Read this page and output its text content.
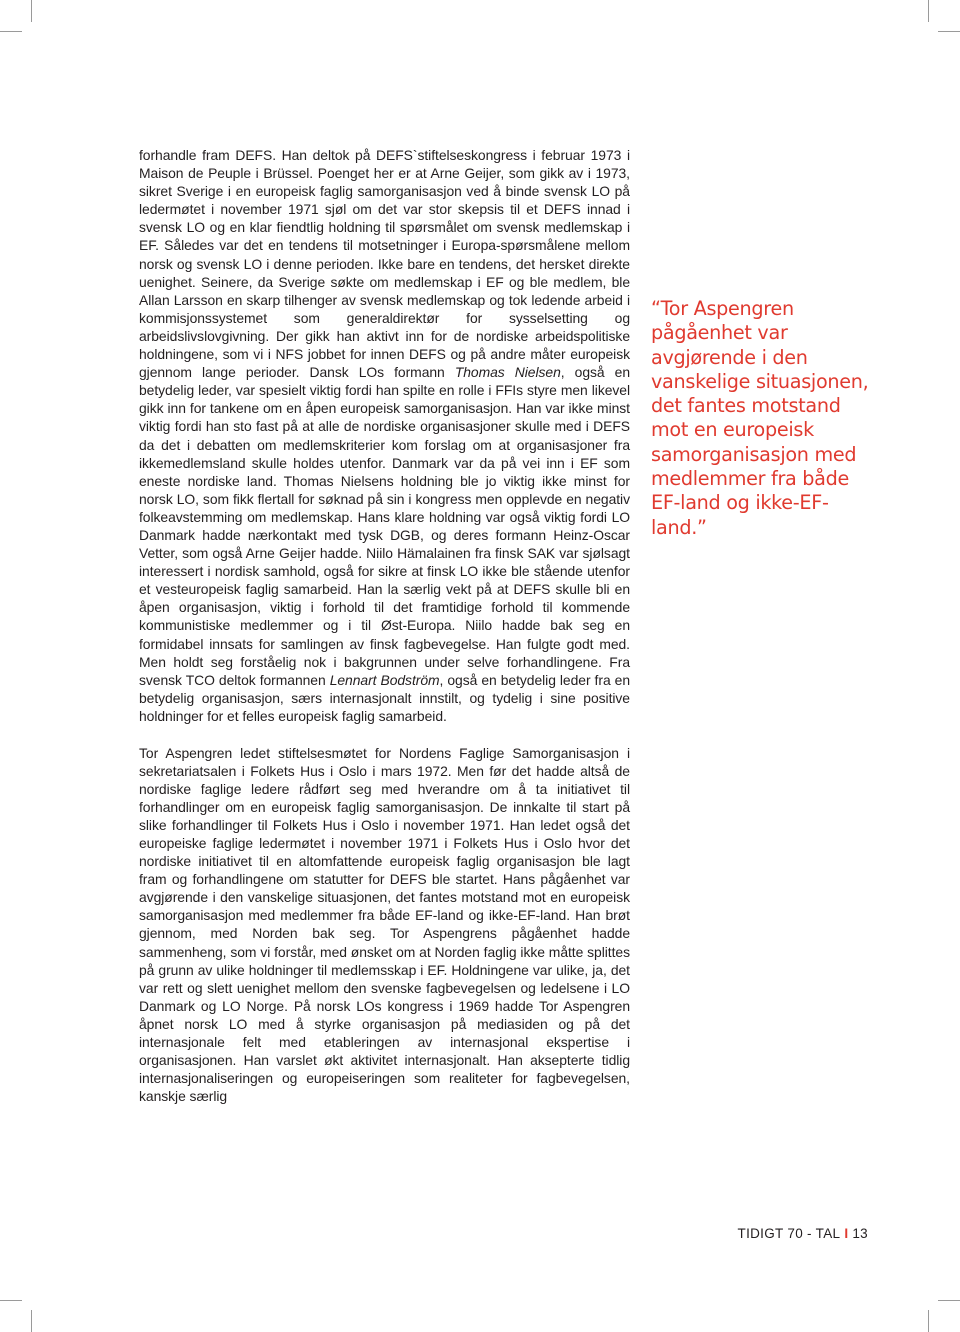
forhandle fram DEFS. Han deltok på DEFS`stiftelseskongress i februar 1973 i Maison de Peuple i Brüssel. Poenget her er at Arne Geijer, som gikk av i 1973, sikret Sverige i en europeisk faglig samorganisasjon ved å binde svensk LO på ledermøtet i november 1971 sjøl om det var stor skepsis til et DEFS innad i svensk LO og en klar fiendtlig holdning til spørsmålet om svensk medlemskap i EF. Således var det en tendens til motsetninger i Europa-spørsmålene mellom norsk og svensk LO i denne perioden. Ikke bare en tendens, det hersket direkte uenighet. Seinere, da Sverige søkte om medlemskap i EF og ble medlem, ble Allan Larsson en skarp tilhenger av svensk medlemskap og tok ledende arbeid i kommisjonssystemet som generaldirektør for sysselsetting og arbeidslivslovgivning. Der gikk han aktivt inn for de nordiske arbeidspolitiske holdningene, som vi i NFS jobbet for innen DEFS og på andre måter europeisk gjennom lange perioder. Dansk LOs formann Thomas Nielsen, også en betydelig leder, var spesielt viktig fordi han spilte en rolle i FFIs styre men likevel gikk inn for tankene om en åpen europeisk samorganisasjon. Han var ikke minst viktig fordi han sto fast på at alle de nordiske organisasjoner skulle med i DEFS da det i debatten om medlemskriterier kom forslag om at organisasjoner fra ikkemedlemsland skulle holdes utenfor. Danmark var da på vei inn i EF som eneste nordiske land. Thomas Nielsens holdning ble jo viktig ikke minst for norsk LO, som fikk flertall for søknad på sin i kongress men opplevde en negativ folkeavstemming om medlemskap. Hans klare holdning var også viktig fordi LO Danmark hadde nærkontakt med tysk DGB, og deres formann Heinz-Oscar Vetter, som også Arne Geijer hadde. Niilo Hämalainen fra finsk SAK var sjølsagt interessert i nordisk samhold, også for sikre at finsk LO ikke ble stående utenfor et vesteuropeisk faglig samarbeid. Han la særlig vekt på at DEFS skulle bli en åpen organisasjon, viktig i forhold til det framtidige forhold til kommende kommunistiske medlemmer og i til Øst-Europa. Niilo hadde bak seg en formidabel innsats for samlingen av finsk fagbevegelse. Han fulgte godt med. Men holdt seg forståelig nok i bakgrunnen under selve forhandlingene. Fra svensk TCO deltok formannen Lennart Bodström, også en betydelig leder fra en betydelig organisasjon, særs internasjonalt innstilt, og tydelig i sine positive holdninger for et felles europeisk faglig samarbeid.

Tor Aspengren ledet stiftelsesmøtet for Nordens Faglige Samorganisasjon i sekretariatsalen i Folkets Hus i Oslo i mars 1972. Men før det hadde altså de nordiske faglige ledere rådført seg med hverandre om å ta initiativet til forhandlinger om en europeisk faglig samorganisasjon. De innkalte til start på slike forhandlinger til Folkets Hus i Oslo i november 1971. Han ledet også det europeiske faglige ledermøtet i november 1971 i Folkets Hus i Oslo hvor det nordiske initiativet til en altomfattende europeisk faglig organisasjon ble lagt fram og forhandlingene om statutter for DEFS ble startet. Hans pågåenhet var avgjørende i den vanskelige situasjonen, det fantes motstand mot en europeisk samorganisasjon med medlemmer fra både EF-land og ikke-EF-land. Han brøt gjennom, med Norden bak seg. Tor Aspengrens pågåenhet hadde sammenheng, som vi forstår, med ønsket om at Norden faglig ikke måtte splittes på grunn av ulike holdninger til medlemsskap i EF. Holdningene var ulike, ja, det var rett og slett uenighet mellom den svenske fagbevegelsen og ledelsene i LO Danmark og LO Norge. På norsk LOs kongress i 1969 hadde Tor Aspengren åpnet norsk LO med å styrke organisasjon på mediasiden og på det internasjonale felt med etableringen av internasjonal ekspertise i organisasjonen. Han varslet økt aktivitet internasjonalt. Han aksepterte tidlig internasjonaliseringen og europeiseringen som realiteter for fagbevegelsen, kanskje særlig

“Tor Aspengren pågåenhet var avgjørende i den vanskelige situasjonen, det fantes motstand mot en europeisk samorganisasjon med medlemmer fra både EF-land og ikke-EF-land.”
TIDIGT 70 - TAL I 13
